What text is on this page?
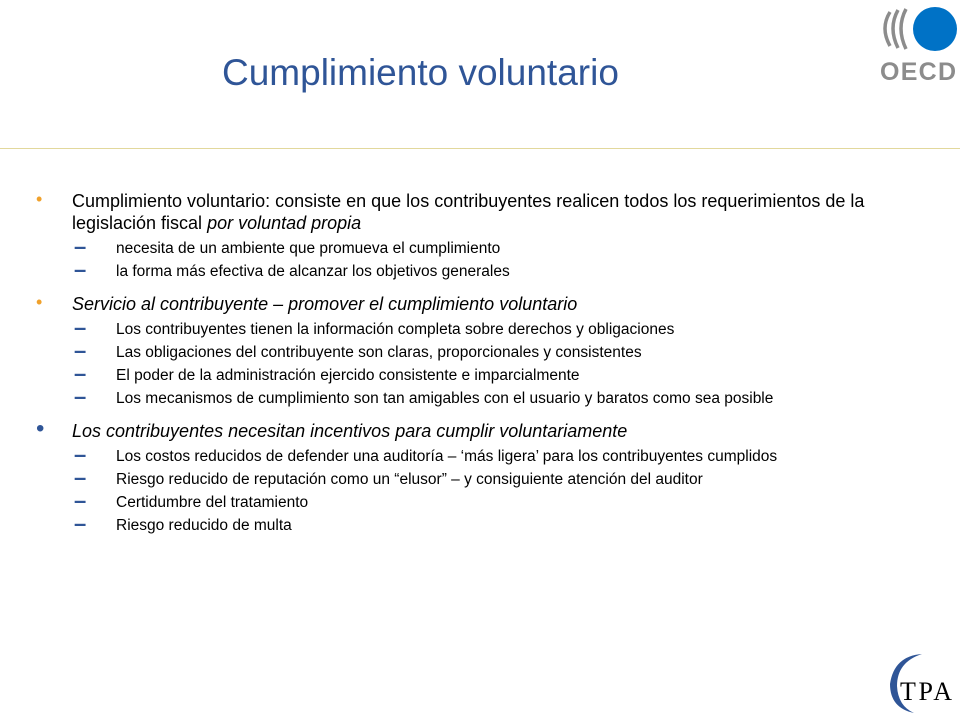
Cumplimiento voluntario	OECD
• Cumplimiento voluntario: consiste en que los contribuyentes realicen todos los requerimientos de la legislación fiscal por voluntad propia
– necesita de un ambiente que promueva el cumplimiento
– la forma más efectiva de alcanzar los objetivos generales
• Servicio al contribuyente – promover el cumplimiento voluntario
– Los contribuyentes tienen la información completa sobre derechos y obligaciones
– Las obligaciones del contribuyente son claras, proporcionales y consistentes
– El poder de la administración ejercido consistente e imparcialmente
– Los mecanismos de cumplimiento son tan amigables con el usuario y baratos como sea posible
• Los contribuyentes necesitan incentivos para cumplir voluntariamente
– Los costos reducidos de defender una auditoría – ‘más ligera’ para los contribuyentes cumplidos
– Riesgo reducido de reputación como un “elusor” – y consiguiente atención del auditor
– Certidumbre del tratamiento
– Riesgo reducido de multa
TPA
